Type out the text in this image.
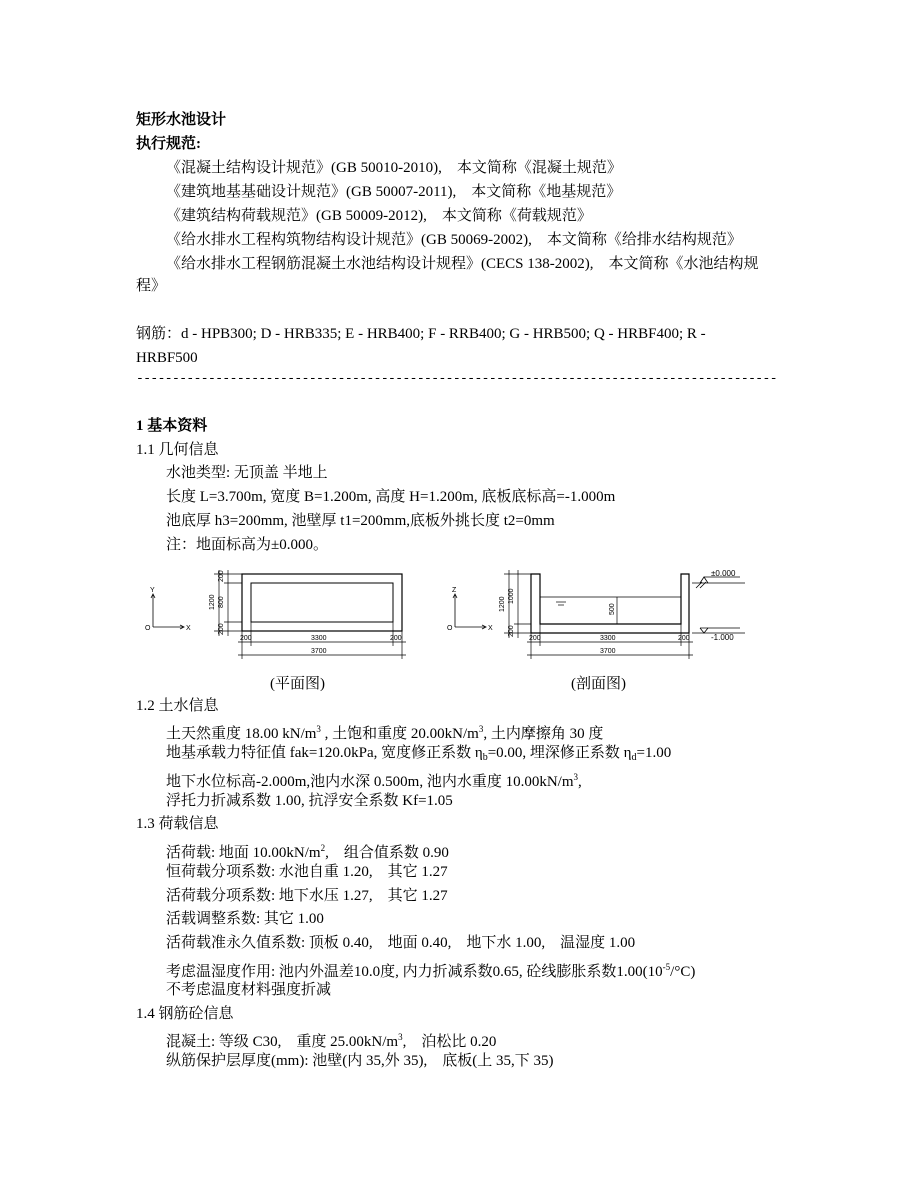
矩形水池设计
执行规范:
《混凝土结构设计规范》(GB 50010-2010),　本文简称《混凝土规范》
《建筑地基基础设计规范》(GB 50007-2011),　本文简称《地基规范》
《建筑结构荷载规范》(GB 50009-2012),　本文简称《荷载规范》
《给水排水工程构筑物结构设计规范》(GB 50069-2002),　本文简称《给排水结构规范》
《给水排水工程钢筋混凝土水池结构设计规程》(CECS 138-2002),　本文简称《水池结构规
程》
钢筋：d - HPB300; D - HRB335; E - HRB400; F - RRB400; G - HRB500; Q - HRBF400; R -
HRBF500
-----------------------------------------------------------------------------------------
1 基本资料
1.1 几何信息
水池类型: 无顶盖 半地上
长度 L=3.700m, 宽度 B=1.200m, 高度 H=1.200m, 底板底标高=-1.000m
池底厚 h3=200mm, 池壁厚 t1=200mm,底板外挑长度 t2=0mm
注：地面标高为±0.000。
Y
X
O
1200 800
200
200
3300
200	200
3700
Z
X
O
1200
1000
200
500
3300
200	200
3700
±0.000
-1.000
(平面图)	(剖面图)
1.2 土水信息
土天然重度 18.00 $kN/m^3$ , 土饱和重度 $20.00kN/m^3$, 土内摩擦角 30 度
地基承载力特征值 fak=120.0kPa, 宽度修正系数 $\eta_b=0.00$, 埋深修正系数 $\eta_d=1.00$
地下水位标高-2.000m,池内水深 0.500m, 池内水重度 $10.00kN/m^3$,
浮托力折减系数 1.00, 抗浮安全系数 Kf=1.05
1.3 荷载信息
活荷载: 地面 $10.00kN/m^2$,　组合值系数 0.90
恒荷载分项系数: 水池自重 1.20,　其它 1.27
活荷载分项系数: 地下水压 1.27,　其它 1.27
活载调整系数: 其它 1.00
活荷载准永久值系数: 顶板 0.40,　地面 0.40,　地下水 1.00,　温湿度 1.00
考虑温湿度作用: 池内外温差10.0度, 内力折减系数0.65, 砼线膨胀系数$1.00(10^{-5}/^\circ C)$
不考虑温度材料强度折减
1.4 钢筋砼信息
混凝土: 等级 C30,　重度 $25.00kN/m^3$,　泊松比 0.20
纵筋保护层厚度(mm): 池壁(内 35,外 35),　底板(上 35,下 35)
